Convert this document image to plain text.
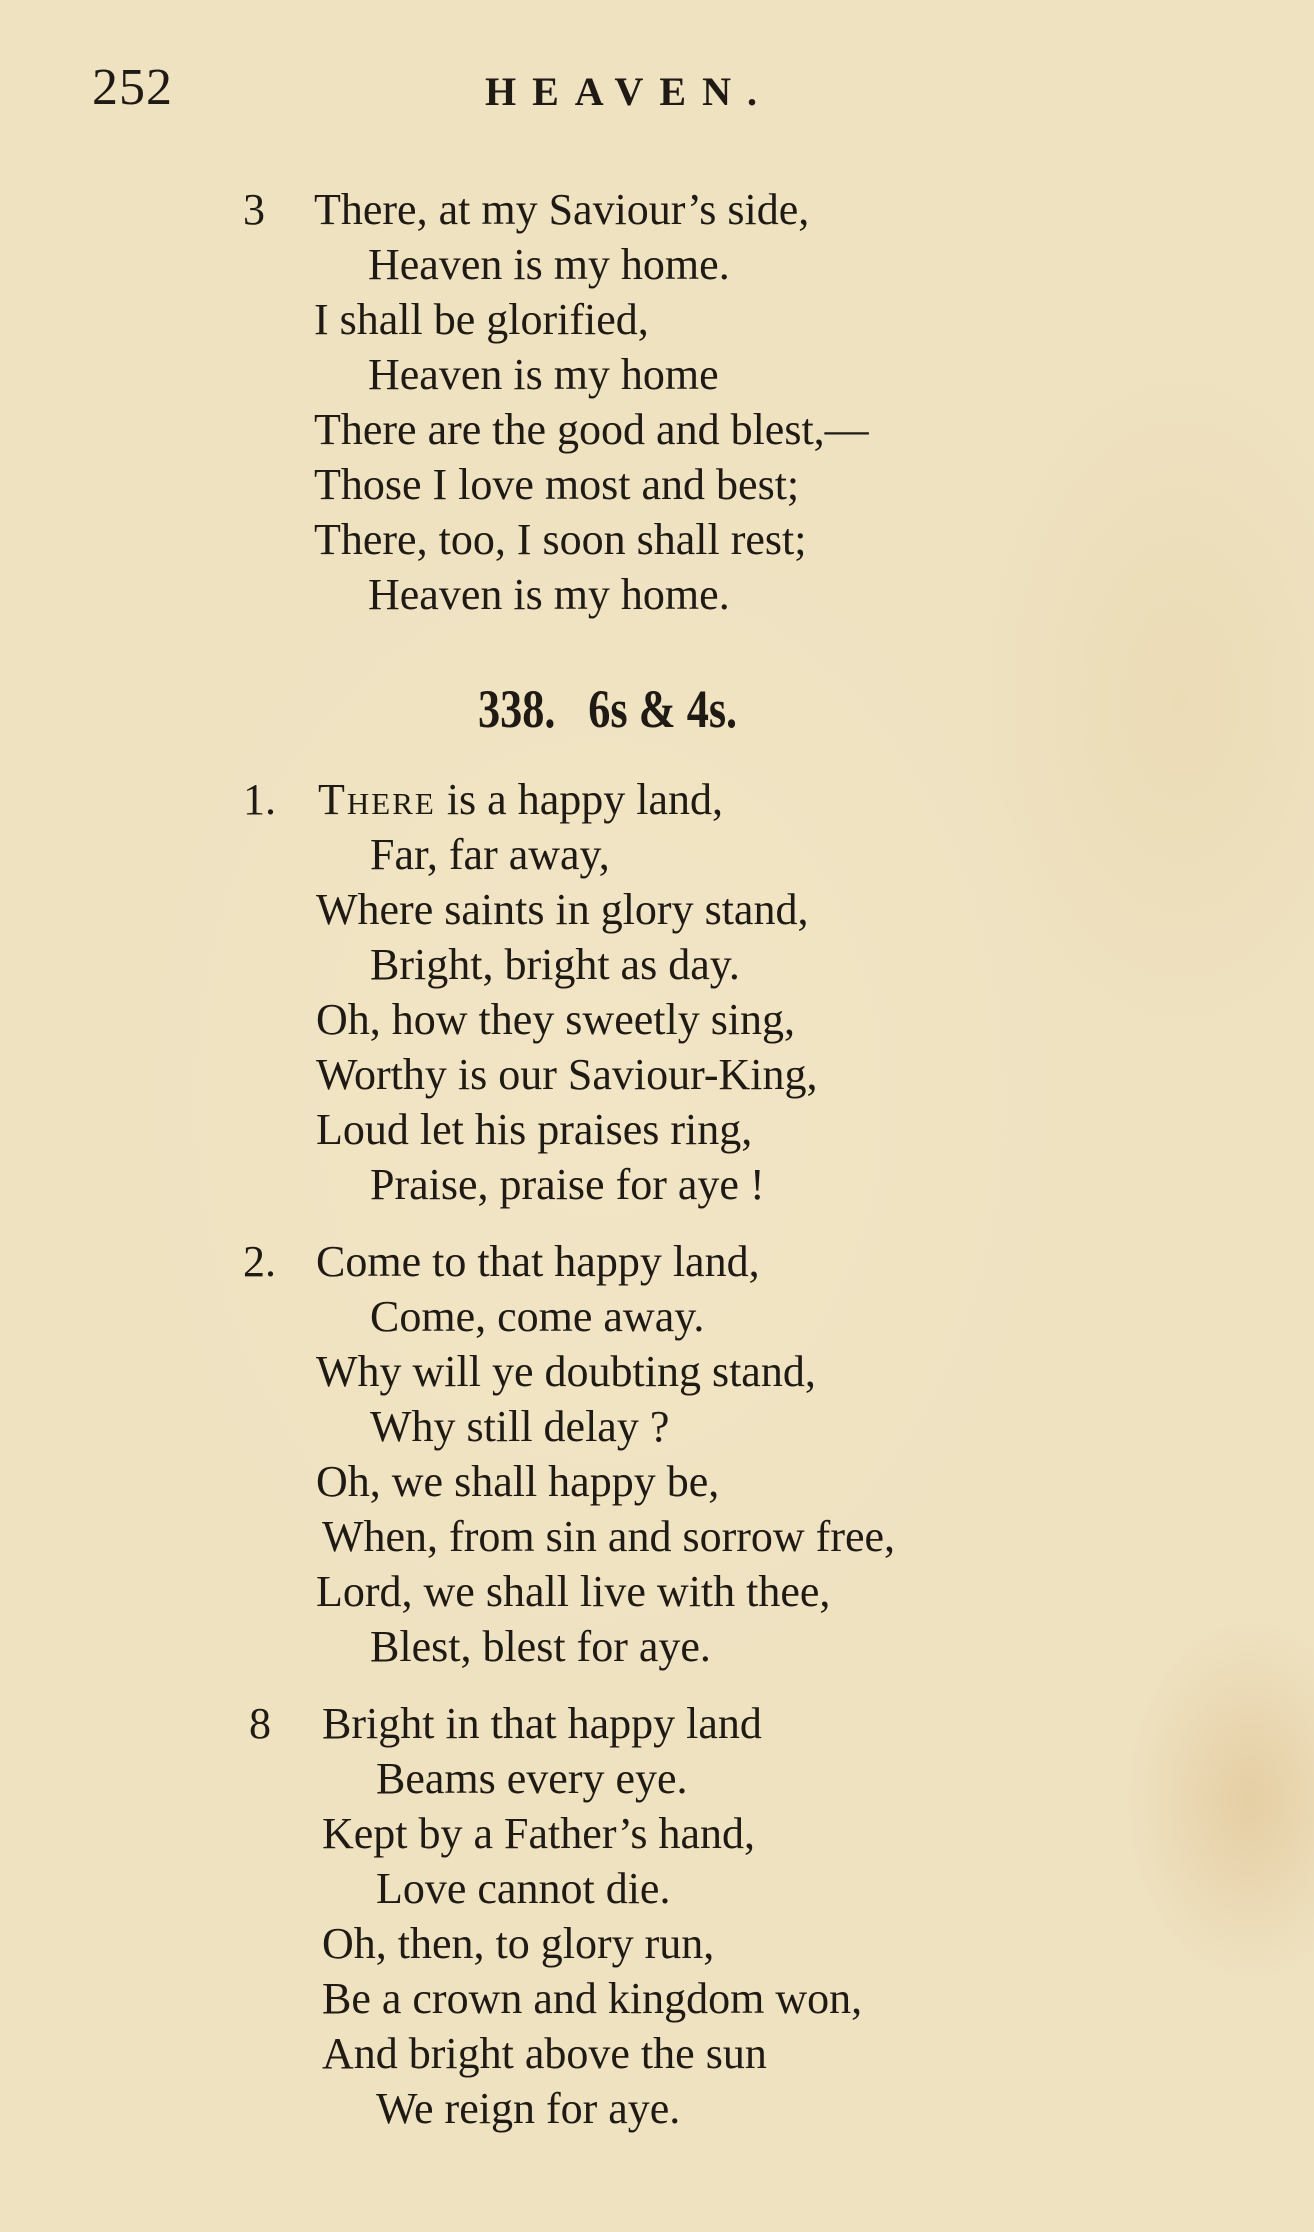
252	HEAVEN.
3 There, at my Saviour’s side,
Heaven is my home.
I shall be glorified,
Heaven is my home
There are the good and blest,—
Those I love most and best;
There, too, I soon shall rest;
Heaven is my home.
338. 6s & 4s.
1. There is a happy land,
Far, far away,
Where saints in glory stand,
Bright, bright as day.
Oh, how they sweetly sing,
Worthy is our Saviour-King,
Loud let his praises ring,
Praise, praise for aye !
2. Come to that happy land,
Come, come away.
Why will ye doubting stand,
Why still delay ?
Oh, we shall happy be,
When, from sin and sorrow free,
Lord, we shall live with thee,
Blest, blest for aye.
8 Bright in that happy land
Beams every eye.
Kept by a Father’s hand,
Love cannot die.
Oh, then, to glory run,
Be a crown and kingdom won,
And bright above the sun
We reign for aye.
